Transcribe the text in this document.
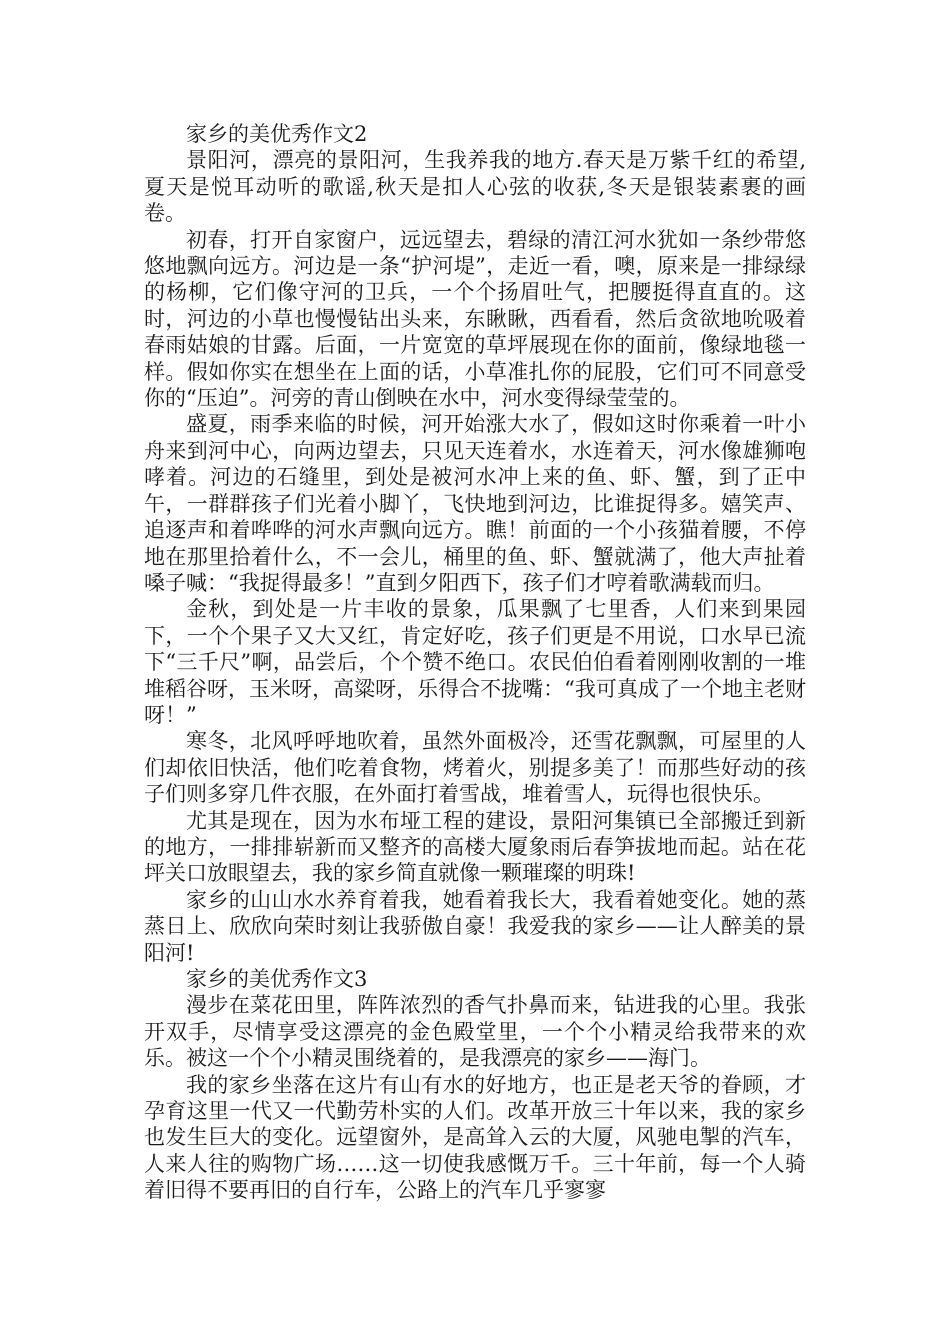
家乡的美优秀作文2

景阳河，漂亮的景阳河，生我养我的地方.春天是万紫千红的希望,夏天是悦耳动听的歌谣,秋天是扣人心弦的收获,冬天是银装素裹的画卷。

初春，打开自家窗户，远远望去，碧绿的清江河水犹如一条纱带悠悠地飘向远方。河边是一条“护河堤”，走近一看，噢，原来是一排绿绿的杨柳，它们像守河的卫兵，一个个扬眉吐气，把腰挺得直直的。这时，河边的小草也慢慢钻出头来，东瞅瞅，西看看，然后贪欲地吮吸着春雨姑娘的甘露。后面，一片宽宽的草坪展现在你的面前，像绿地毯一样。假如你实在想坐在上面的话，小草准扎你的屁股，它们可不同意受你的“压迫”。河旁的青山倒映在水中，河水变得绿莹莹的。

盛夏，雨季来临的时候，河开始涨大水了，假如这时你乘着一叶小舟来到河中心，向两边望去，只见天连着水，水连着天，河水像雄狮咆哮着。河边的石缝里，到处是被河水冲上来的鱼、虾、蟹，到了正中午，一群群孩子们光着小脚丫，飞快地到河边，比谁捉得多。嬉笑声、追逐声和着哗哗的河水声飘向远方。瞧！前面的一个小孩猫着腰，不停地在那里拾着什么，不一会儿，桶里的鱼、虾、蟹就满了，他大声扯着嗓子喊：“我捉得最多！”直到夕阳西下，孩子们才哼着歌满载而归。

金秋，到处是一片丰收的景象，瓜果飘了七里香，人们来到果园下，一个个果子又大又红，肯定好吃，孩子们更是不用说，口水早已流下“三千尺”啊，品尝后，个个赞不绝口。农民伯伯看着刚刚收割的一堆堆稻谷呀，玉米呀，高粱呀，乐得合不拢嘴：“我可真成了一个地主老财呀！”

寒冬，北风呼呼地吹着，虽然外面极冷，还雪花飘飘，可屋里的人们却依旧快活，他们吃着食物，烤着火，别提多美了！而那些好动的孩子们则多穿几件衣服，在外面打着雪战，堆着雪人，玩得也很快乐。

尤其是现在，因为水布垭工程的建设，景阳河集镇已全部搬迁到新的地方，一排排崭新而又整齐的高楼大厦象雨后春笋拔地而起。站在花坪关口放眼望去，我的家乡简直就像一颗璀璨的明珠!

家乡的山山水水养育着我，她看着我长大，我看着她变化。她的蒸蒸日上、欣欣向荣时刻让我骄傲自豪！我爱我的家乡——让人醉美的景阳河!

家乡的美优秀作文3

漫步在菜花田里，阵阵浓烈的香气扑鼻而来，钻进我的心里。我张开双手，尽情享受这漂亮的金色殿堂里，一个个小精灵给我带来的欢乐。被这一个个小精灵围绕着的，是我漂亮的家乡——海门。

我的家乡坐落在这片有山有水的好地方，也正是老天爷的眷顾，才孕育这里一代又一代勤劳朴实的人们。改革开放三十年以来，我的家乡也发生巨大的变化。远望窗外，是高耸入云的大厦，风驰电掣的汽车，人来人往的购物广场……这一切使我感慨万千。三十年前，每一个人骑着旧得不要再旧的自行车，公路上的汽车几乎寥寥
